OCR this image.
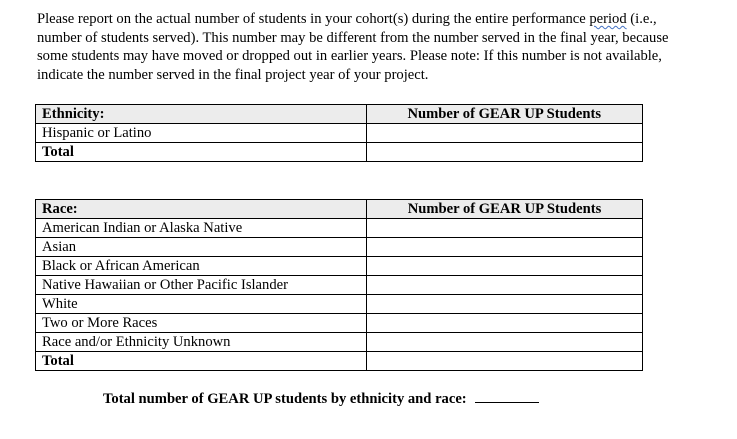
Please report on the actual number of students in your cohort(s) during the entire performance period (i.e., number of students served). This number may be different from the number served in the final year, because some students may have moved or dropped out in earlier years. Please note: If this number is not available, indicate the number served in the final project year of your project.
Ethnicity:	Number of GEAR UP Students
Hispanic or Latino	
Total	
Race:	Number of GEAR UP Students
American Indian or Alaska Native	
Asian	
Black or African American	
Native Hawaiian or Other Pacific Islander	
White	
Two or More Races	
Race and/or Ethnicity Unknown	
Total	
Total number of GEAR UP students by ethnicity and race:
